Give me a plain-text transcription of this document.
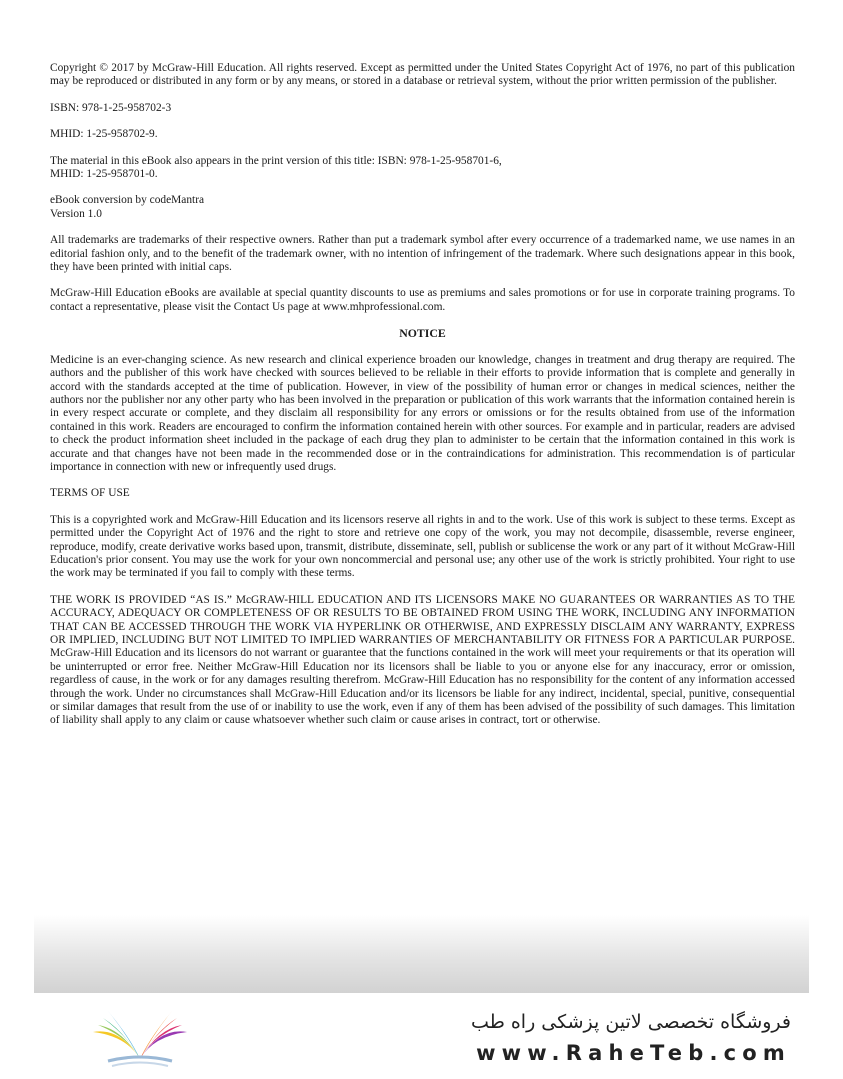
Copyright © 2017 by McGraw-Hill Education. All rights reserved. Except as permitted under the United States Copyright Act of 1976, no part of this publication may be reproduced or distributed in any form or by any means, or stored in a database or retrieval system, without the prior written permission of the publisher.

ISBN: 978-1-25-958702-3

MHID: 1-25-958702-9.

The material in this eBook also appears in the print version of this title: ISBN: 978-1-25-958701-6,
MHID: 1-25-958701-0.

eBook conversion by codeMantra
Version 1.0

All trademarks are trademarks of their respective owners. Rather than put a trademark symbol after every occurrence of a trademarked name, we use names in an editorial fashion only, and to the benefit of the trademark owner, with no intention of infringement of the trademark. Where such designations appear in this book, they have been printed with initial caps.

McGraw-Hill Education eBooks are available at special quantity discounts to use as premiums and sales promotions or for use in corporate training programs. To contact a representative, please visit the Contact Us page at www.mhprofessional.com.

NOTICE

Medicine is an ever-changing science. As new research and clinical experience broaden our knowledge, changes in treatment and drug therapy are required. The authors and the publisher of this work have checked with sources believed to be reliable in their efforts to provide information that is complete and generally in accord with the standards accepted at the time of publication. However, in view of the possibility of human error or changes in medical sciences, neither the authors nor the publisher nor any other party who has been involved in the preparation or publication of this work warrants that the information contained herein is in every respect accurate or complete, and they disclaim all responsibility for any errors or omissions or for the results obtained from use of the information contained in this work. Readers are encouraged to confirm the information contained herein with other sources. For example and in particular, readers are advised to check the product information sheet included in the package of each drug they plan to administer to be certain that the information contained in this work is accurate and that changes have not been made in the recommended dose or in the contraindications for administration. This recommendation is of particular importance in connection with new or infrequently used drugs.

TERMS OF USE

This is a copyrighted work and McGraw-Hill Education and its licensors reserve all rights in and to the work. Use of this work is subject to these terms. Except as permitted under the Copyright Act of 1976 and the right to store and retrieve one copy of the work, you may not decompile, disassemble, reverse engineer, reproduce, modify, create derivative works based upon, transmit, distribute, disseminate, sell, publish or sublicense the work or any part of it without McGraw-Hill Education's prior consent. You may use the work for your own noncommercial and personal use; any other use of the work is strictly prohibited. Your right to use the work may be terminated if you fail to comply with these terms.

THE WORK IS PROVIDED “AS IS.” McGRAW-HILL EDUCATION AND ITS LICENSORS MAKE NO GUARANTEES OR WARRANTIES AS TO THE ACCURACY, ADEQUACY OR COMPLETENESS OF OR RESULTS TO BE OBTAINED FROM USING THE WORK, INCLUDING ANY INFORMATION THAT CAN BE ACCESSED THROUGH THE WORK VIA HYPERLINK OR OTHERWISE, AND EXPRESSLY DISCLAIM ANY WARRANTY, EXPRESS OR IMPLIED, INCLUDING BUT NOT LIMITED TO IMPLIED WARRANTIES OF MERCHANTABILITY OR FITNESS FOR A PARTICULAR PURPOSE. McGraw-Hill Education and its licensors do not warrant or guarantee that the functions contained in the work will meet your requirements or that its operation will be uninterrupted or error free. Neither McGraw-Hill Education nor its licensors shall be liable to you or anyone else for any inaccuracy, error or omission, regardless of cause, in the work or for any damages resulting therefrom. McGraw-Hill Education has no responsibility for the content of any information accessed through the work. Under no circumstances shall McGraw-Hill Education and/or its licensors be liable for any indirect, incidental, special, punitive, consequential or similar damages that result from the use of or inability to use the work, even if any of them has been advised of the possibility of such damages. This limitation of liability shall apply to any claim or cause whatsoever whether such claim or cause arises in contract, tort or otherwise.

فروشگاه تخصصی لاتین پزشکی راه طب
www.RaheTeb.com
